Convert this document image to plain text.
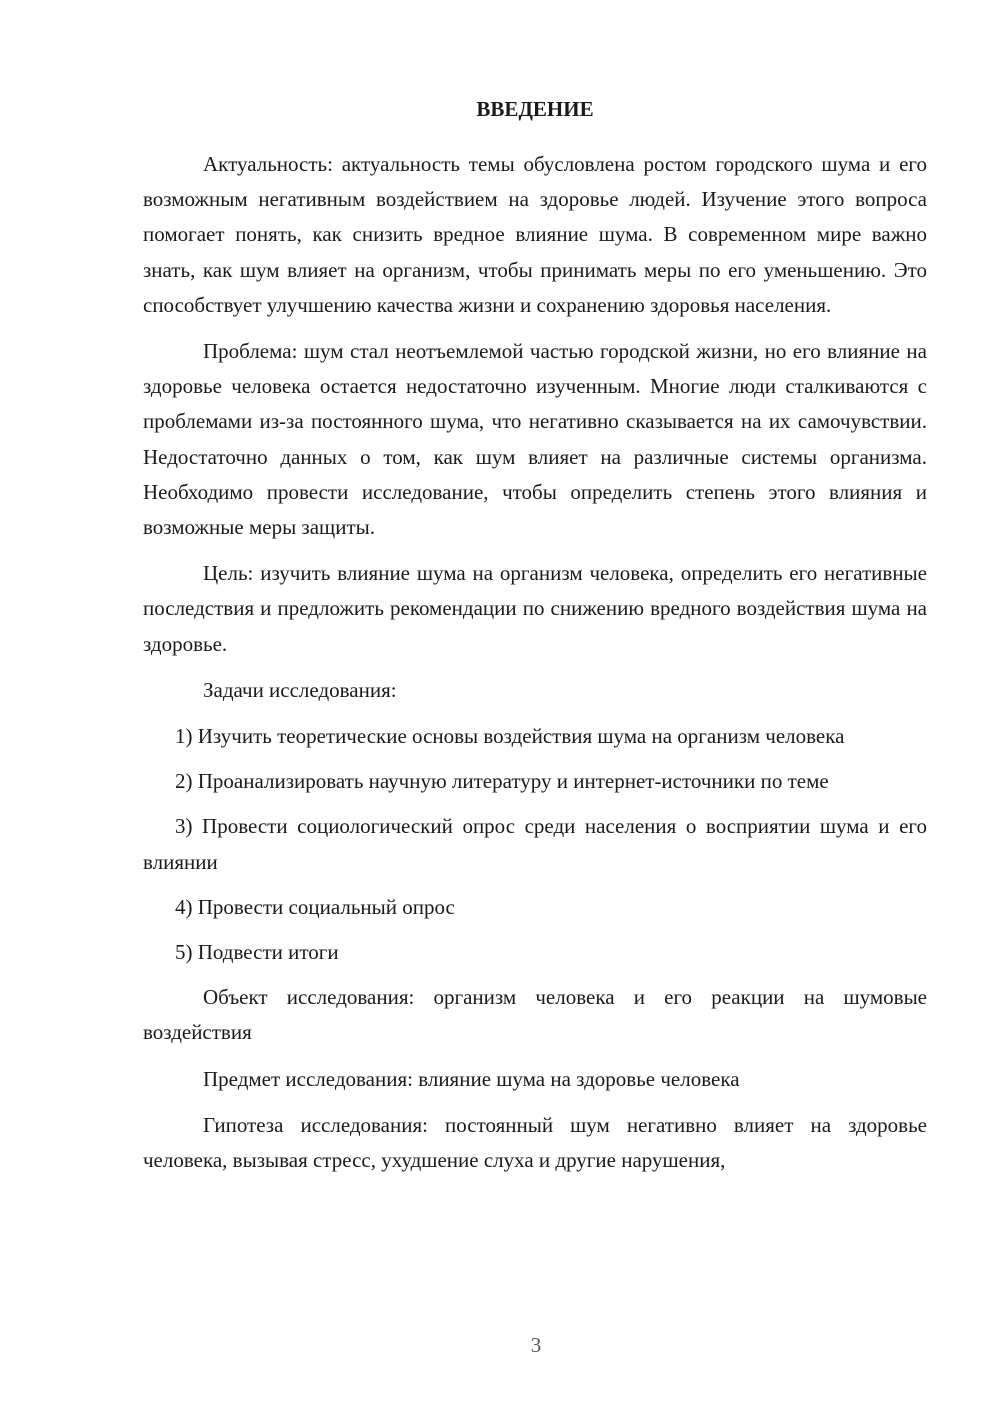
ВВЕДЕНИЕ

Актуальность: актуальность темы обусловлена ростом городского шума и его возможным негативным воздействием на здоровье людей. Изучение этого вопроса помогает понять, как снизить вредное влияние шума. В современном мире важно знать, как шум влияет на организм, чтобы принимать меры по его уменьшению. Это способствует улучшению качества жизни и сохранению здоровья населения.

Проблема: шум стал неотъемлемой частью городской жизни, но его влияние на здоровье человека остается недостаточно изученным. Многие люди сталкиваются с проблемами из-за постоянного шума, что негативно сказывается на их самочувствии. Недостаточно данных о том, как шум влияет на различные системы организма. Необходимо провести исследование, чтобы определить степень этого влияния и возможные меры защиты.

Цель: изучить влияние шума на организм человека, определить его негативные последствия и предложить рекомендации по снижению вредного воздействия шума на здоровье.

Задачи исследования:

1) Изучить теоретические основы воздействия шума на организм человека

2) Проанализировать научную литературу и интернет-источники по теме

3) Провести социологический опрос среди населения о восприятии шума и его влиянии

4) Провести социальный опрос

5) Подвести итоги

Объект исследования: организм человека и его реакции на шумовые воздействия

Предмет исследования: влияние шума на здоровье человека

Гипотеза исследования: постоянный шум негативно влияет на здоровье человека, вызывая стресс, ухудшение слуха и другие нарушения,

3
